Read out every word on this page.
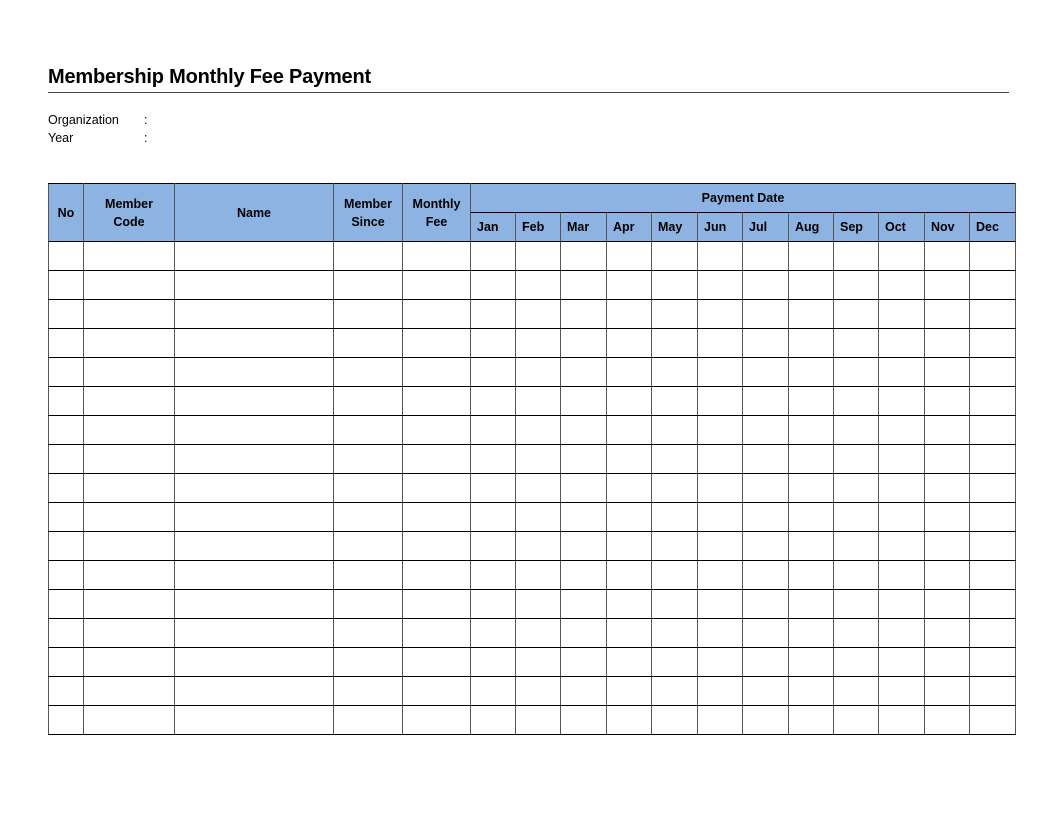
Membership Monthly Fee Payment
Organization :
Year	:
No	Member Code	Name	Member Since	Monthly Fee	Payment Date											
					Jan	Feb	Mar	Apr	May	Jun	Jul	Aug	Sep	Oct	Nov	Dec
